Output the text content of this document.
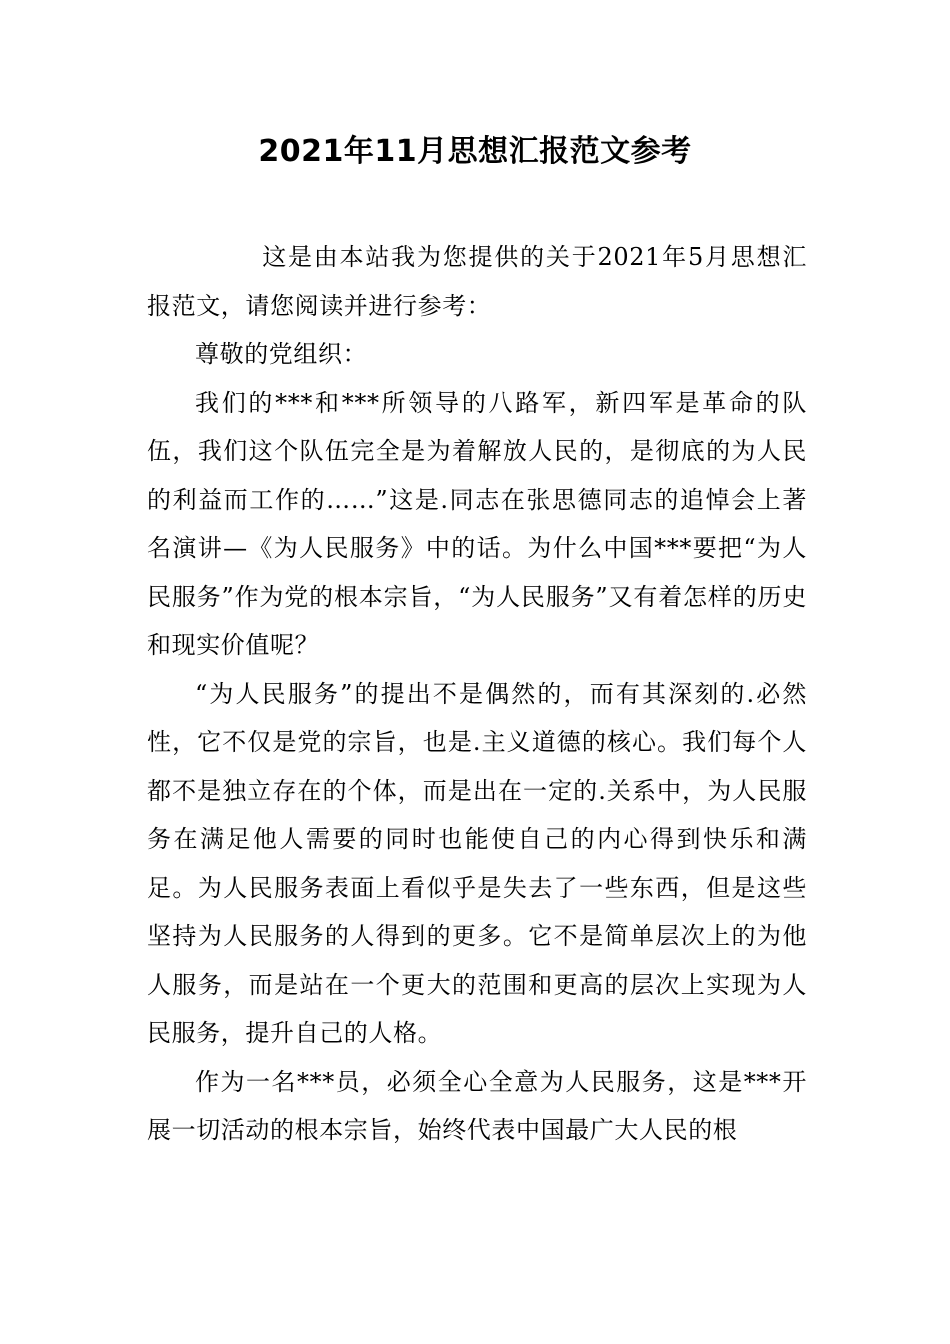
2021年11月思想汇报范文参考

这是由本站我为您提供的关于2021年5月思想汇报范文，请您阅读并进行参考：

尊敬的党组织：

我们的***和***所领导的八路军，新四军是革命的队伍，我们这个队伍完全是为着解放人民的，是彻底的为人民的利益而工作的……”这是.同志在张思德同志的追悼会上著名演讲—《为人民服务》中的话。为什么中国***要把“为人民服务”作为党的根本宗旨，“为人民服务”又有着怎样的历史和现实价值呢？

“为人民服务”的提出不是偶然的，而有其深刻的.必然性，它不仅是党的宗旨，也是.主义道德的核心。我们每个人都不是独立存在的个体，而是出在一定的.关系中，为人民服务在满足他人需要的同时也能使自己的内心得到快乐和满足。为人民服务表面上看似乎是失去了一些东西，但是这些坚持为人民服务的人得到的更多。它不是简单层次上的为他人服务，而是站在一个更大的范围和更高的层次上实现为人民服务，提升自己的人格。

作为一名***员，必须全心全意为人民服务，这是***开展一切活动的根本宗旨，始终代表中国最广大人民的根
